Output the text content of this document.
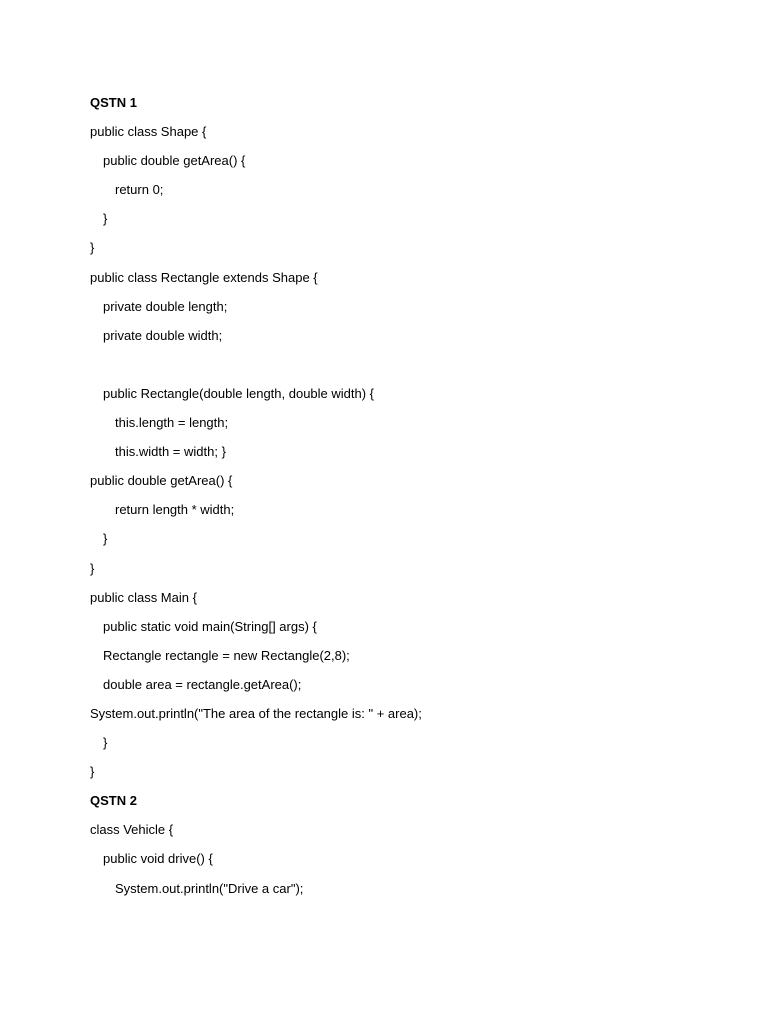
QSTN 1
public class Shape {
public double getArea() {
return 0;
}
}
public class Rectangle extends Shape {
private double length;
private double width;
public Rectangle(double length, double width) {
this.length = length;
this.width = width; }
public double getArea() {
return length * width;
}
}
public class Main {
public static void main(String[] args) {
Rectangle rectangle = new Rectangle(2,8);
double area = rectangle.getArea();
System.out.println("The area of the rectangle is: " + area);
}
}
QSTN 2
class Vehicle {
public void drive() {
System.out.println("Drive a car");
